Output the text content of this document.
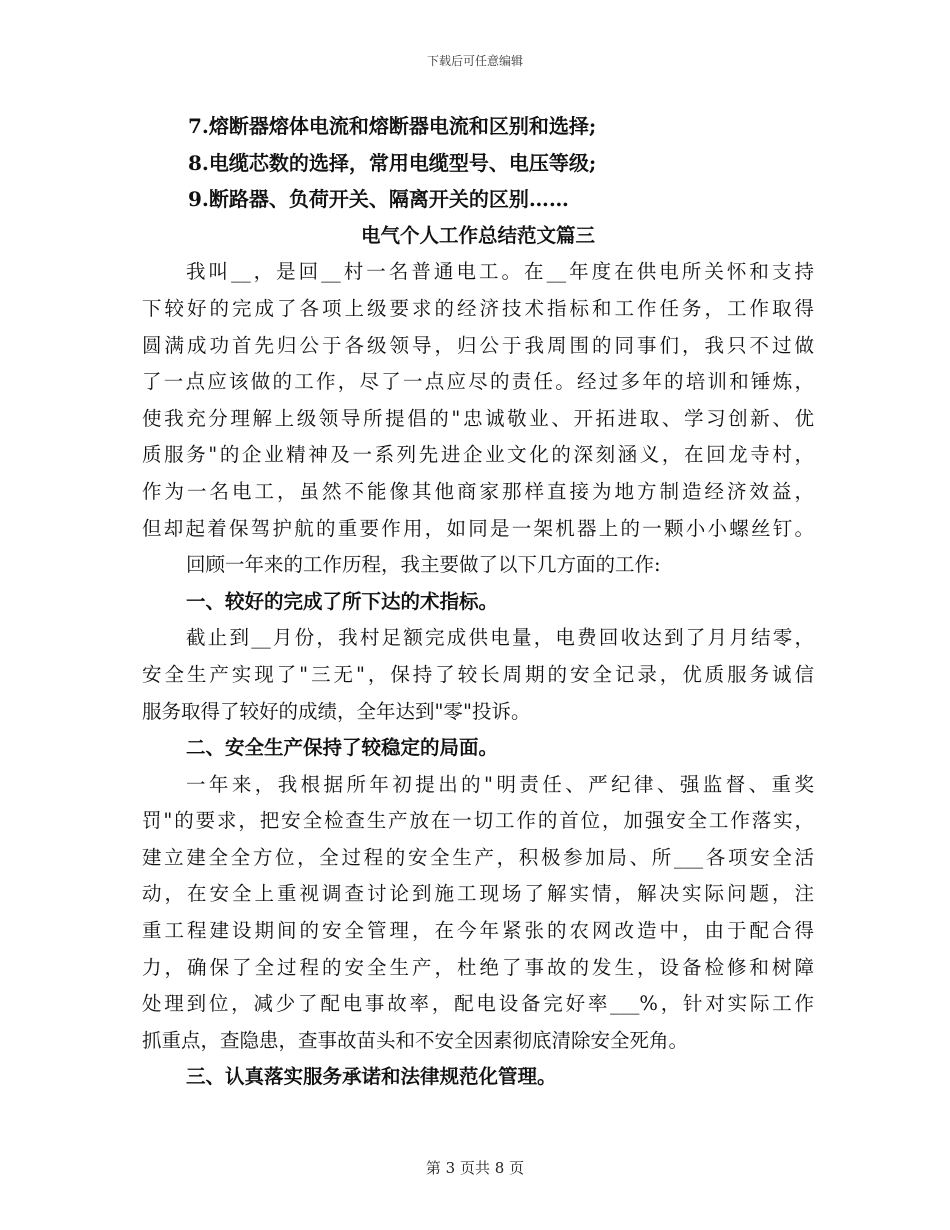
下载后可任意编辑
7.熔断器熔体电流和熔断器电流和区别和选择;
8.电缆芯数的选择，常用电缆型号、电压等级;
9.断路器、负荷开关、隔离开关的区别……
电气个人工作总结范文篇三
我叫__，是回__村一名普通电工。在__年度在供电所关怀和支持
下较好的完成了各项上级要求的经济技术指标和工作任务，工作取得
圆满成功首先归公于各级领导，归公于我周围的同事们，我只不过做
了一点应该做的工作，尽了一点应尽的责任。经过多年的培训和锤炼，
使我充分理解上级领导所提倡的"忠诚敬业、开拓进取、学习创新、优
质服务"的企业精神及一系列先进企业文化的深刻涵义，在回龙寺村，
作为一名电工，虽然不能像其他商家那样直接为地方制造经济效益，
但却起着保驾护航的重要作用，如同是一架机器上的一颗小小螺丝钉。
回顾一年来的工作历程，我主要做了以下几方面的工作:
一、较好的完成了所下达的术指标。
截止到__月份，我村足额完成供电量，电费回收达到了月月结零，
安全生产实现了"三无"，保持了较长周期的安全记录，优质服务诚信
服务取得了较好的成绩，全年达到"零"投诉。
二、安全生产保持了较稳定的局面。
一年来，我根据所年初提出的"明责任、严纪律、强监督、重奖
罚"的要求，把安全检查生产放在一切工作的首位，加强安全工作落实，
建立建全全方位，全过程的安全生产，积极参加局、所___各项安全活
动，在安全上重视调查讨论到施工现场了解实情，解决实际问题，注
重工程建设期间的安全管理，在今年紧张的农网改造中，由于配合得
力，确保了全过程的安全生产，杜绝了事故的发生，设备检修和树障
处理到位，减少了配电事故率，配电设备完好率___%，针对实际工作
抓重点，查隐患，查事故苗头和不安全因素彻底清除安全死角。
三、认真落实服务承诺和法律规范化管理。
第 3 页共 8 页
